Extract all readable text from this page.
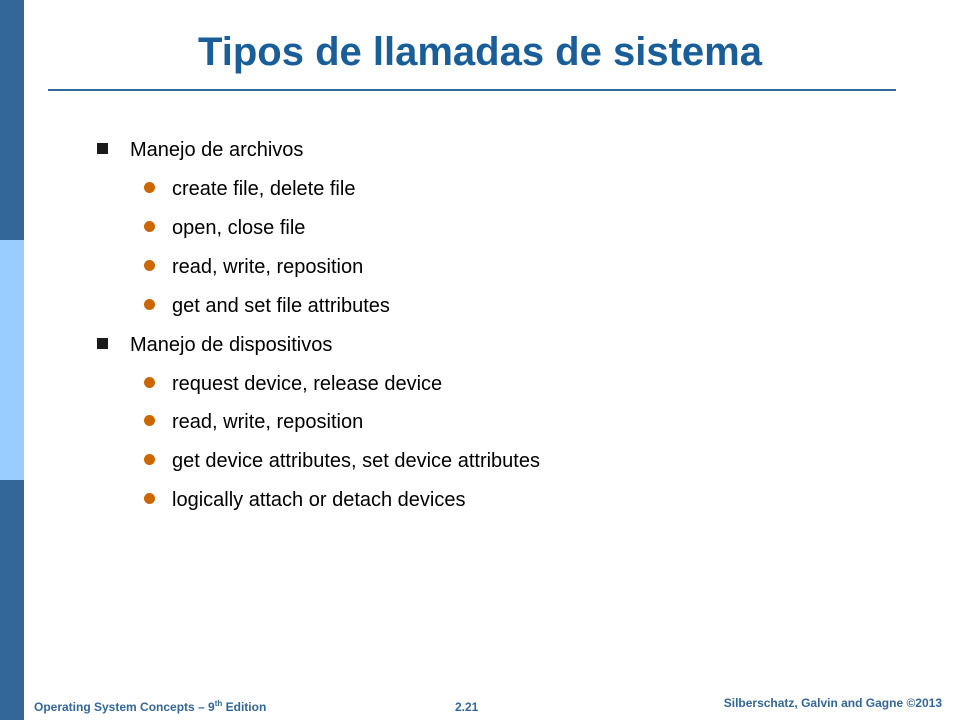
Tipos de llamadas de sistema
Manejo de archivos
create file, delete file
open, close file
read, write, reposition
get and set file attributes
Manejo de dispositivos
request device, release device
read, write, reposition
get device attributes, set device attributes
logically attach or detach devices
Operating System Concepts – 9th Edition	2.21	Silberschatz, Galvin and Gagne ©2013
